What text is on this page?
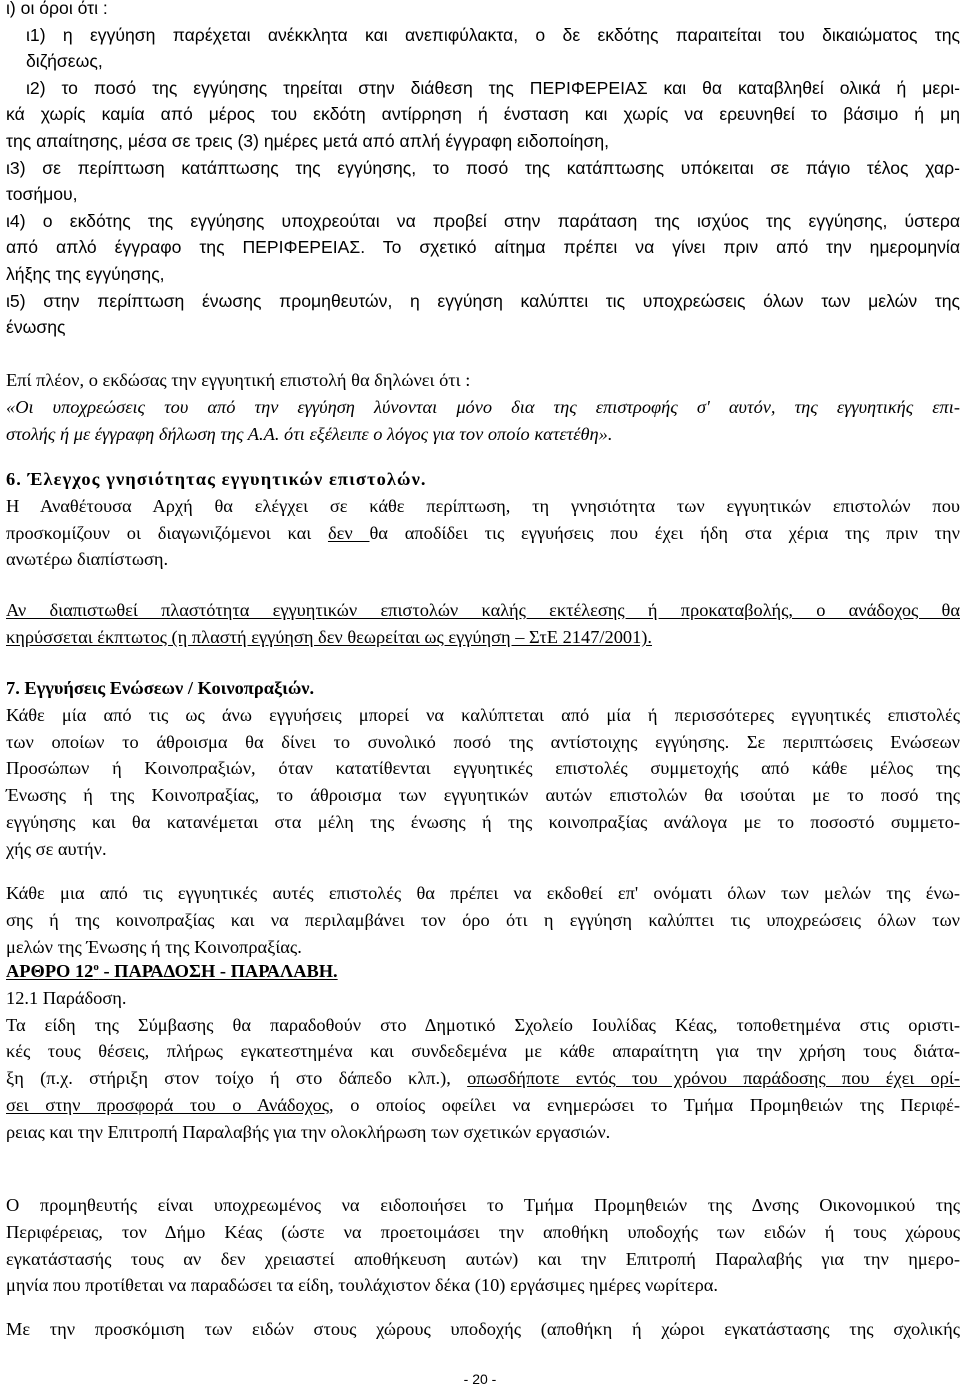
ι) οι όροι ότι :
ι1) η εγγύηση παρέχεται ανέκκλητα και ανεπιφύλακτα, ο δε εκδότης παραιτείται του δικαιώματος της
διζήσεως,
ι2) το ποσό της εγγύησης τηρείται στην διάθεση της ΠΕΡΙΦΕΡΕΙΑΣ και θα καταβληθεί ολικά ή μερι-
κά χωρίς καμία από μέρος του εκδότη αντίρρηση ή ένσταση και χωρίς να ερευνηθεί το βάσιμο ή μη
της απαίτησης, μέσα σε τρεις (3) ημέρες μετά από απλή έγγραφη ειδοποίηση,
ι3) σε περίπτωση κατάπτωσης της εγγύησης, το ποσό της κατάπτωσης υπόκειται σε πάγιο τέλος χαρ-
τοσήμου,
ι4) ο εκδότης της εγγύησης υποχρεούται να προβεί στην παράταση της ισχύος της εγγύησης, ύστερα
από απλό έγγραφο της ΠΕΡΙΦΕΡΕΙΑΣ. Το σχετικό αίτημα πρέπει να γίνει πριν από την ημερομηνία
λήξης της εγγύησης,
ι5) στην περίπτωση ένωσης προμηθευτών, η εγγύηση καλύπτει τις υποχρεώσεις όλων των μελών της
ένωσης
Επί πλέον, ο εκδώσας την εγγυητική επιστολή θα δηλώνει ότι :
«Οι υποχρεώσεις του από την εγγύηση λύνονται μόνο δια της επιστροφής σ' αυτόν, της εγγυητικής επι-
στολής ή με έγγραφη δήλωση της Α.Α. ότι εξέλειπε ο λόγος για τον οποίο κατετέθη».
6. Έλεγχος γνησιότητας εγγυητικών επιστολών.
Η Αναθέτουσα Αρχή θα ελέγχει σε κάθε περίπτωση, τη γνησιότητα των εγγυητικών επιστολών που
προσκομίζουν οι διαγωνιζόμενοι και δεν θα αποδίδει τις εγγυήσεις που έχει ήδη στα χέρια της πριν την
ανωτέρω διαπίστωση.
Αν διαπιστωθεί πλαστότητα εγγυητικών επιστολών καλής εκτέλεσης ή προκαταβολής, ο ανάδοχος θα
κηρύσσεται έκπτωτος (η πλαστή εγγύηση δεν θεωρείται ως εγγύηση – ΣτΕ 2147/2001).
7. Εγγυήσεις Ενώσεων / Κοινοπραξιών.
Κάθε μία από τις ως άνω εγγυήσεις μπορεί να καλύπτεται από μία ή περισσότερες εγγυητικές επιστολές
των οποίων το άθροισμα θα δίνει το συνολικό ποσό της αντίστοιχης εγγύησης. Σε περιπτώσεις Ενώσεων
Προσώπων ή Κοινοπραξιών, όταν κατατίθενται εγγυητικές επιστολές συμμετοχής από κάθε μέλος της
Ένωσης ή της Κοινοπραξίας, το άθροισμα των εγγυητικών αυτών επιστολών θα ισούται με το ποσό της
εγγύησης και θα κατανέμεται στα μέλη της ένωσης ή της κοινοπραξίας ανάλογα με το ποσοστό συμμετο-
χής σε αυτήν.
Κάθε μια από τις εγγυητικές αυτές επιστολές θα πρέπει να εκδοθεί επ' ονόματι όλων των μελών της ένω-
σης ή της κοινοπραξίας και να περιλαμβάνει τον όρο ότι η εγγύηση καλύπτει τις υποχρεώσεις όλων των
μελών της Ένωσης ή της Κοινοπραξίας.
ΑΡΘΡΟ $12^o$ - ΠΑΡΑΔΟΣΗ - ΠΑΡΑΛΑΒΗ.
12.1 Παράδοση.
Τα είδη της Σύμβασης θα παραδοθούν στο Δημοτικό Σχολείο Ιουλίδας Κέας, τοποθετημένα στις οριστι-
κές τους θέσεις, πλήρως εγκατεστημένα και συνδεδεμένα με κάθε απαραίτητη για την χρήση τους διάτα-
ξη (π.χ. στήριξη στον τοίχο ή στο δάπεδο κλπ.), οπωσδήποτε εντός του χρόνου παράδοσης που έχει ορί-
σει στην προσφορά του ο Ανάδοχος, ο οποίος οφείλει να ενημερώσει το Τμήμα Προμηθειών της Περιφέ-
ρειας και την Επιτροπή Παραλαβής για την ολοκλήρωση των σχετικών εργασιών.
Ο προμηθευτής είναι υποχρεωμένος να ειδοποιήσει το Τμήμα Προμηθειών της Δνσης Οικονομικού της
Περιφέρειας, τον Δήμο Κέας (ώστε να προετοιμάσει την αποθήκη υποδοχής των ειδών ή τους χώρους
εγκατάστασής τους αν δεν χρειαστεί αποθήκευση αυτών) και την Επιτροπή Παραλαβής για την ημερο-
μηνία που προτίθεται να παραδώσει τα είδη, τουλάχιστον δέκα (10) εργάσιμες ημέρες νωρίτερα.
Με την προσκόμιση των ειδών στους χώρους υποδοχής (αποθήκη ή χώροι εγκατάστασης της σχολικής
- 20 -
